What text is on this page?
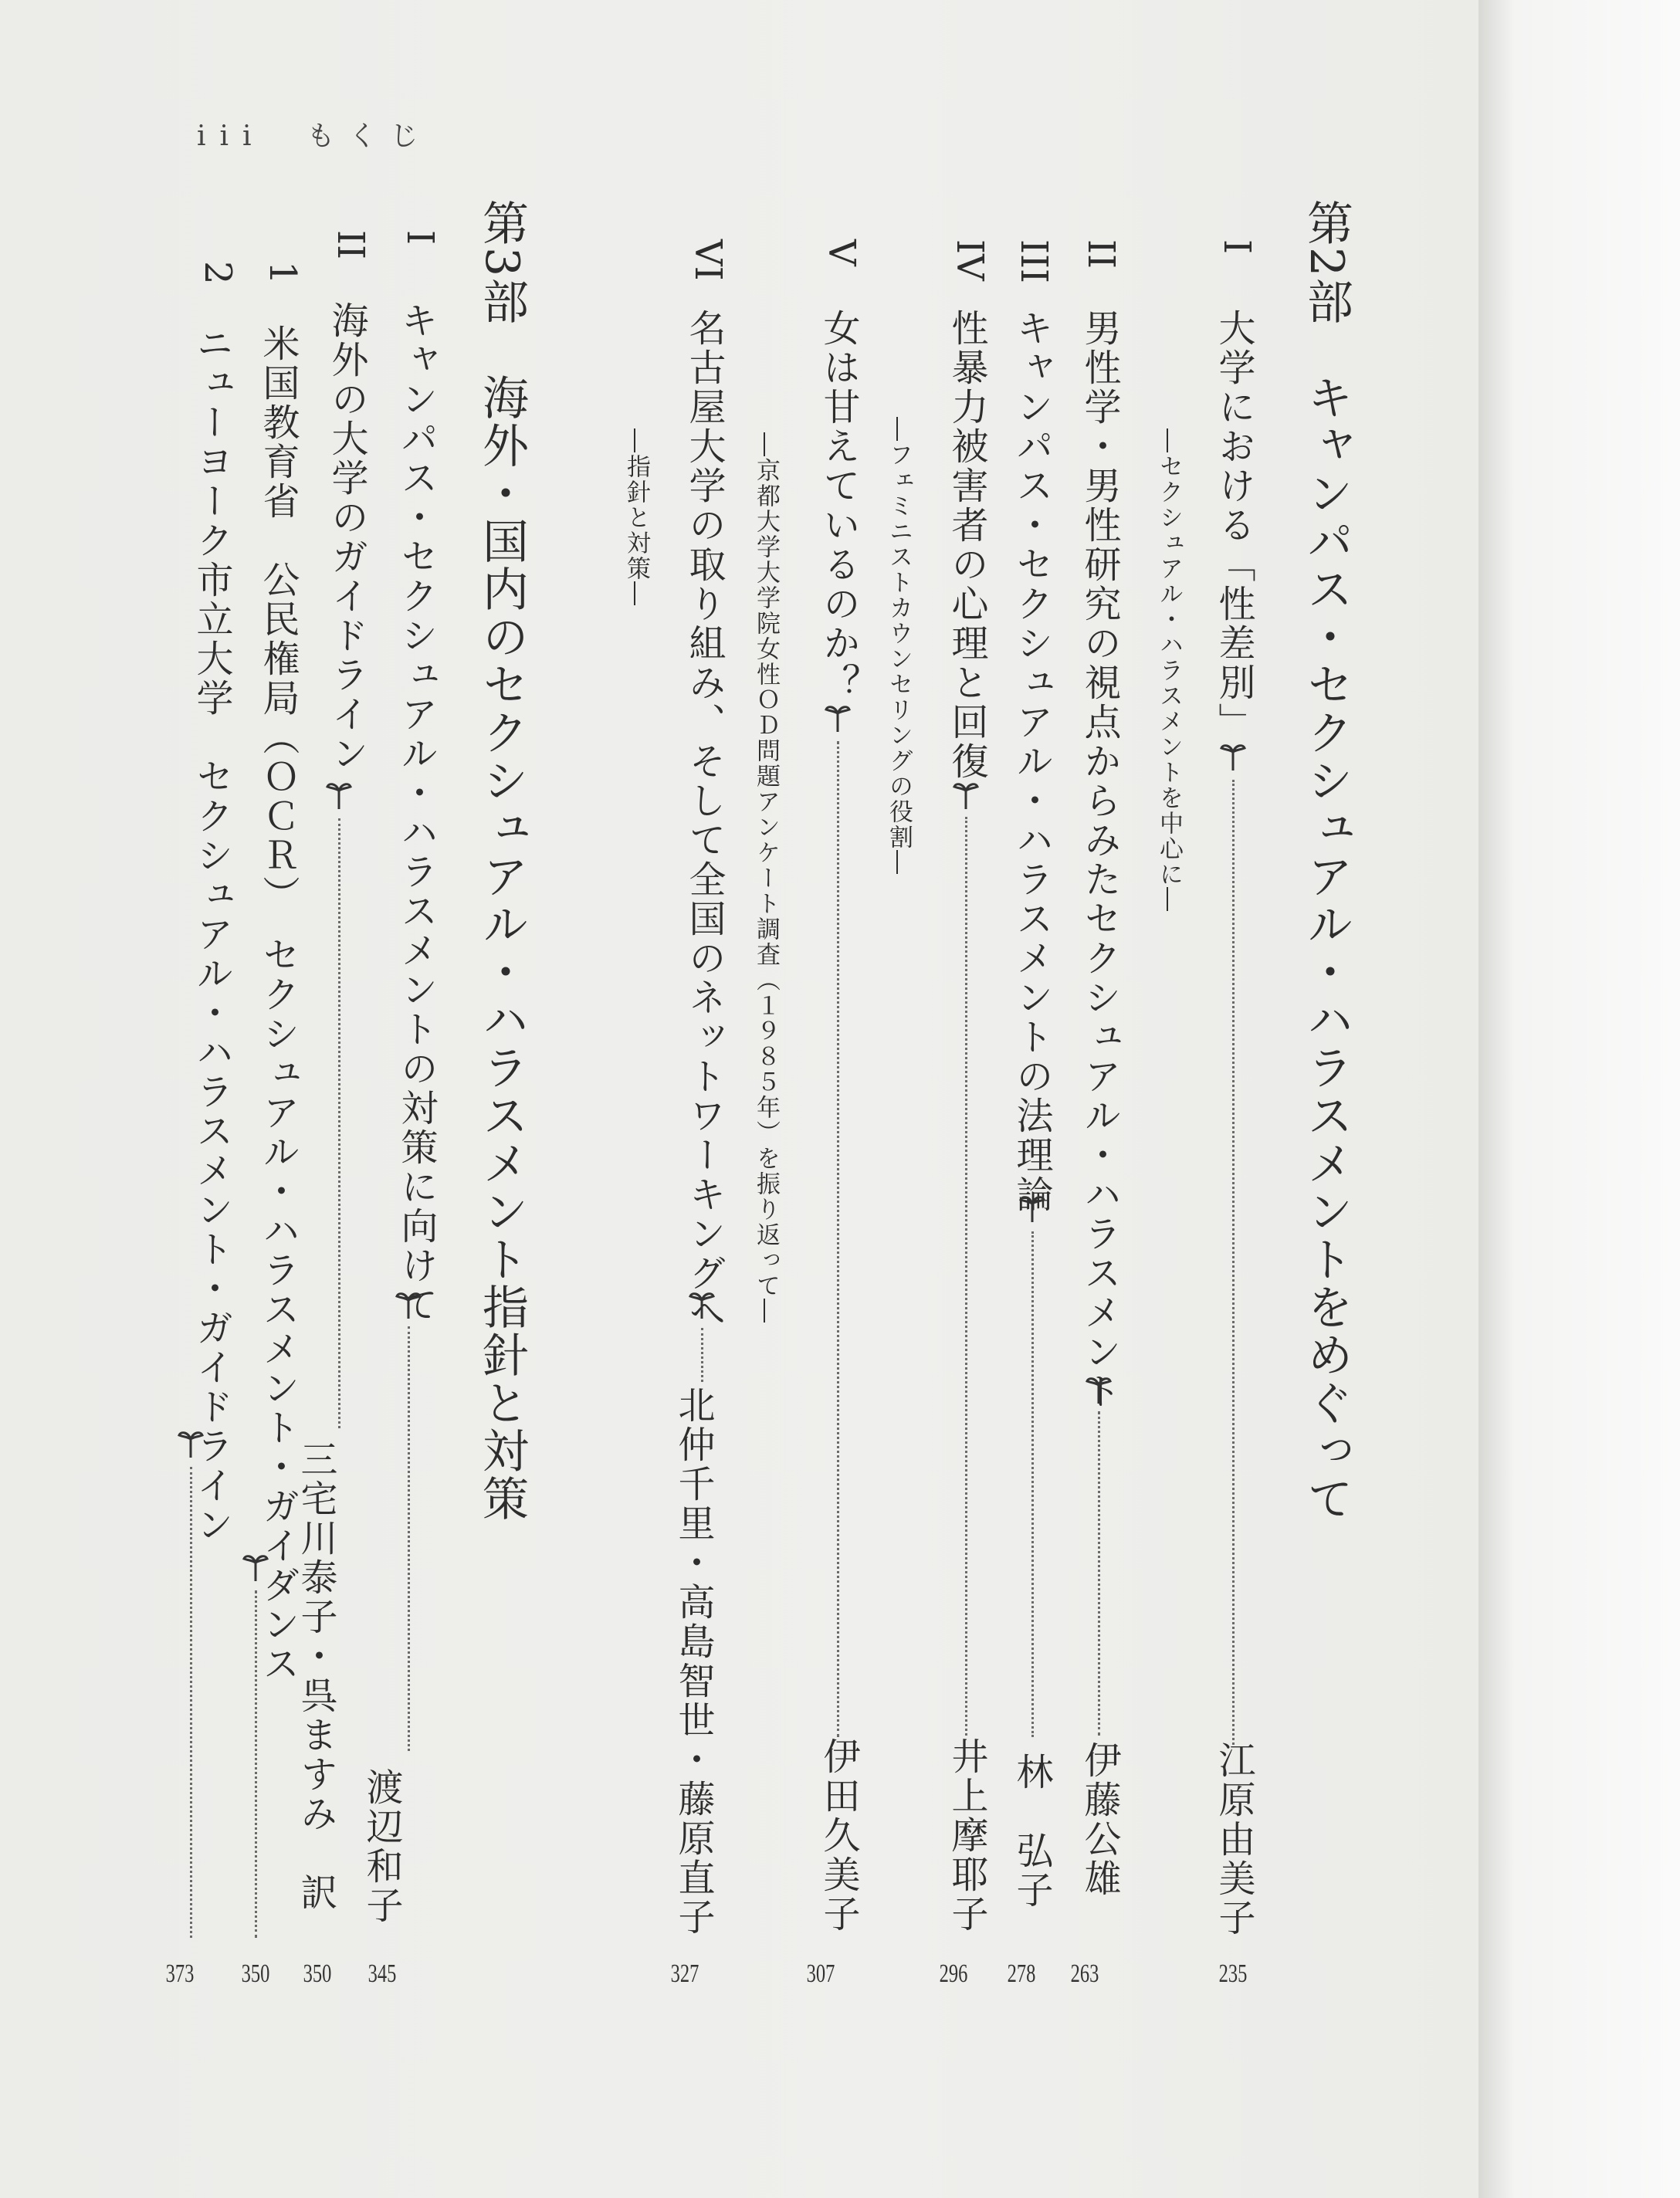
iii　もくじ
第2部　キャンパス・セクシュアル・ハラスメントをめぐって
I
大学における「性差別」
江原由美子
235
―セクシュアル・ハラスメントを中心に―
II
男性学・男性研究の視点からみたセクシュアル・ハラスメント
伊藤公雄
263
III
キャンパス・セクシュアル・ハラスメントの法理論
林　弘子
278
IV
性暴力被害者の心理と回復
井上摩耶子
296
―フェミニストカウンセリングの役割―
V
女は甘えているのか？
伊田久美子
307
―京都大学大学院女性ＯＤ問題アンケート調査（１９８５年）を振り返って―
VI
名古屋大学の取り組み、そして全国のネットワーキングへ
北仲千里・高島智世・藤原直子
327
―指針と対策―
第3部　海外・国内のセクシュアル・ハラスメント指針と対策
I
キャンパス・セクシュアル・ハラスメントの対策に向けて
渡辺和子
345
II
海外の大学のガイドライン
三宅川泰子・呉ますみ　訳
350
1
米国教育省　公民権局（ＯＣＲ）　セクシュアル・ハラスメント・ガイダンス
350
2
ニューヨーク市立大学　セクシュアル・ハラスメント・ガイドライン
373
